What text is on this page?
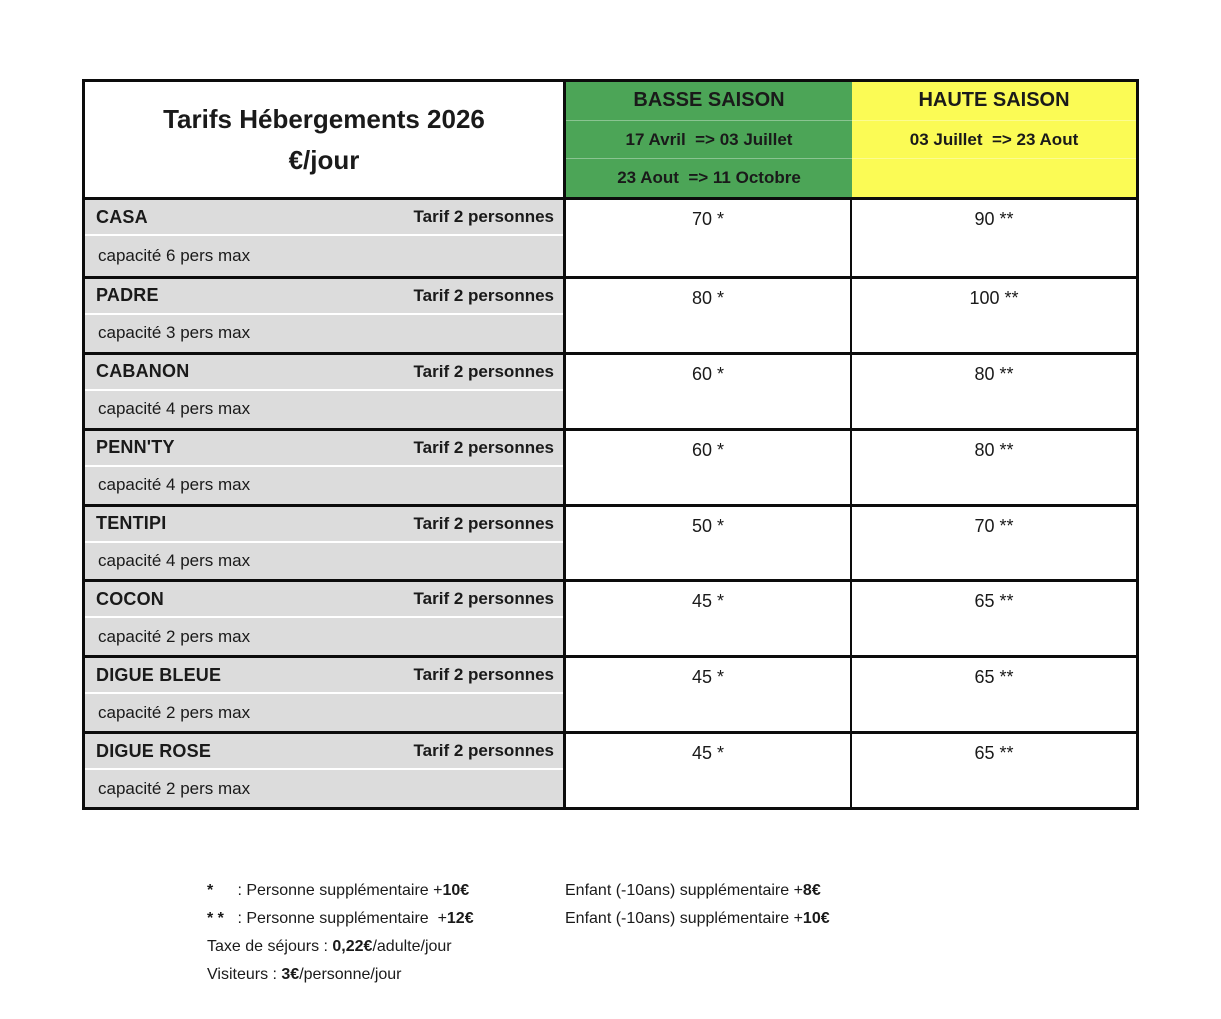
Tarifs Hébergements 2026
€/jour
BASSE SAISON
17 Avril  => 03 Juillet
23 Aout  => 11 Octobre
HAUTE SAISON
03 Juillet  => 23 Aout
CASA	Tarif 2 personnes
capacité 6 pers max
70 *	90 **
PADRE	Tarif 2 personnes
capacité 3 pers max
80 *	100 **
CABANON	Tarif 2 personnes
capacité 4 pers max
60 *	80 **
PENN'TY	Tarif 2 personnes
capacité 4 pers max
60 *	80 **
TENTIPI	Tarif 2 personnes
capacité 4 pers max
50 *	70 **
COCON	Tarif 2 personnes
capacité 2 pers max
45 *	65 **
DIGUE BLEUE	Tarif 2 personnes
capacité 2 pers max
45 *	65 **
DIGUE ROSE	Tarif 2 personnes
capacité 2 pers max
45 *	65 **
* : Personne supplémentaire +10€	Enfant (-10ans) supplémentaire +8€
* * : Personne supplémentaire  +12€	Enfant (-10ans) supplémentaire +10€
Taxe de séjours : 0,22€/adulte/jour
Visiteurs : 3€/personne/jour
